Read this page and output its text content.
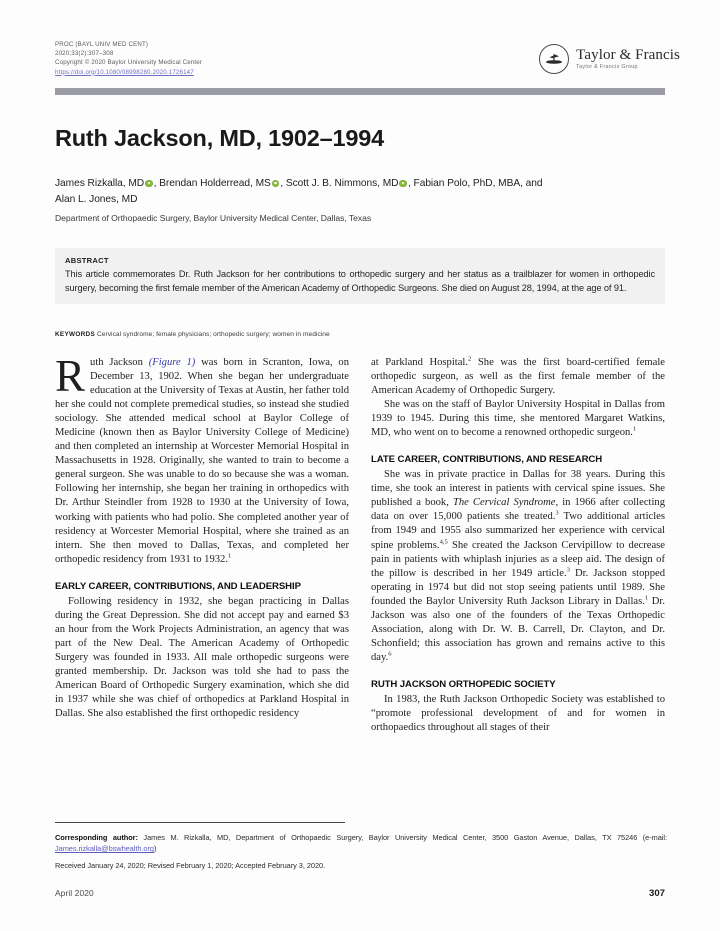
PROC (BAYL UNIV MED CENT)
2020;33(2):307–308
Copyright © 2020 Baylor University Medical Center
https://doi.org/10.1080/08998280.2020.1726147
Taylor & Francis
Taylor & Francis Group
Ruth Jackson, MD, 1902–1994
James Rizkalla, MD , Brendan Holderread, MS , Scott J. B. Nimmons, MD , Fabian Polo, PhD, MBA, and
Alan L. Jones, MD
Department of Orthopaedic Surgery, Baylor University Medical Center, Dallas, Texas
ABSTRACT
This article commemorates Dr. Ruth Jackson for her contributions to orthopedic surgery and her status as a trailblazer for women in orthopedic surgery, becoming the first female member of the American Academy of Orthopedic Surgeons. She died on August 28, 1994, at the age of 91.
KEYWORDS Cervical syndrome; female physicians; orthopedic surgery; women in medicine

Ruth Jackson (Figure 1) was born in Scranton, Iowa, on December 13, 1902. When she began her undergraduate education at the University of Texas at Austin, her father told her she could not complete premedical studies, so instead she studied sociology. She attended medical school at Baylor College of Medicine (known then as Baylor University College of Medicine) and then completed an internship at Worcester Memorial Hospital in Massachusetts in 1928. Originally, she wanted to train to become a general surgeon. She was unable to do so because she was a woman. Following her internship, she began her training in orthopedics with Dr. Arthur Steindler from 1928 to 1930 at the University of Iowa, working with patients who had polio. She completed another year of residency at Worcester Memorial Hospital, where she trained as an intern. She then moved to Dallas, Texas, and completed her orthopedic residency from 1931 to 1932.$^1$

EARLY CAREER, CONTRIBUTIONS, AND LEADERSHIP

Following residency in 1932, she began practicing in Dallas during the Great Depression. She did not accept pay and earned $3 an hour from the Work Projects Administration, an agency that was part of the New Deal. The American Academy of Orthopedic Surgery was founded in 1933. All male orthopedic surgeons were granted membership. Dr. Jackson was told she had to pass the American Board of Orthopedic Surgery examination, which she did in 1937 while she was chief of orthopedics at Parkland Hospital in Dallas. She also established the first orthopedic residency

at Parkland Hospital.$^2$ She was the first board-certified female orthopedic surgeon, as well as the first female member of the American Academy of Orthopedic Surgery.

She was on the staff of Baylor University Hospital in Dallas from 1939 to 1945. During this time, she mentored Margaret Watkins, MD, who went on to become a renowned orthopedic surgeon.$^1$

LATE CAREER, CONTRIBUTIONS, AND RESEARCH

She was in private practice in Dallas for 38 years. During this time, she took an interest in patients with cervical spine issues. She published a book, The Cervical Syndrome, in 1966 after collecting data on over 15,000 patients she treated.$^3$ Two additional articles from 1949 and 1955 also summarized her experience with cervical spine problems.$^{4,5}$ She created the Jackson Cervipillow to decrease pain in patients with whiplash injuries as a sleep aid. The design of the pillow is described in her 1949 article.$^3$ Dr. Jackson stopped operating in 1974 but did not stop seeing patients until 1989. She founded the Baylor University Ruth Jackson Library in Dallas.$^1$ Dr. Jackson was also one of the founders of the Texas Orthopedic Association, along with Dr. W. B. Carrell, Dr. Clayton, and Dr. Schonfield; this association has grown and remains active to this day.$^6$

RUTH JACKSON ORTHOPEDIC SOCIETY

In 1983, the Ruth Jackson Orthopedic Society was established to “promote professional development of and for women in orthopaedics throughout all stages of their

Corresponding author: James M. Rizkalla, MD, Department of Orthopaedic Surgery, Baylor University Medical Center, 3500 Gaston Avenue, Dallas, TX 75246 (e-mail: James.rizkalla@bswhealth.org)
Received January 24, 2020; Revised February 1, 2020; Accepted February 3, 2020.
April 2020	307
